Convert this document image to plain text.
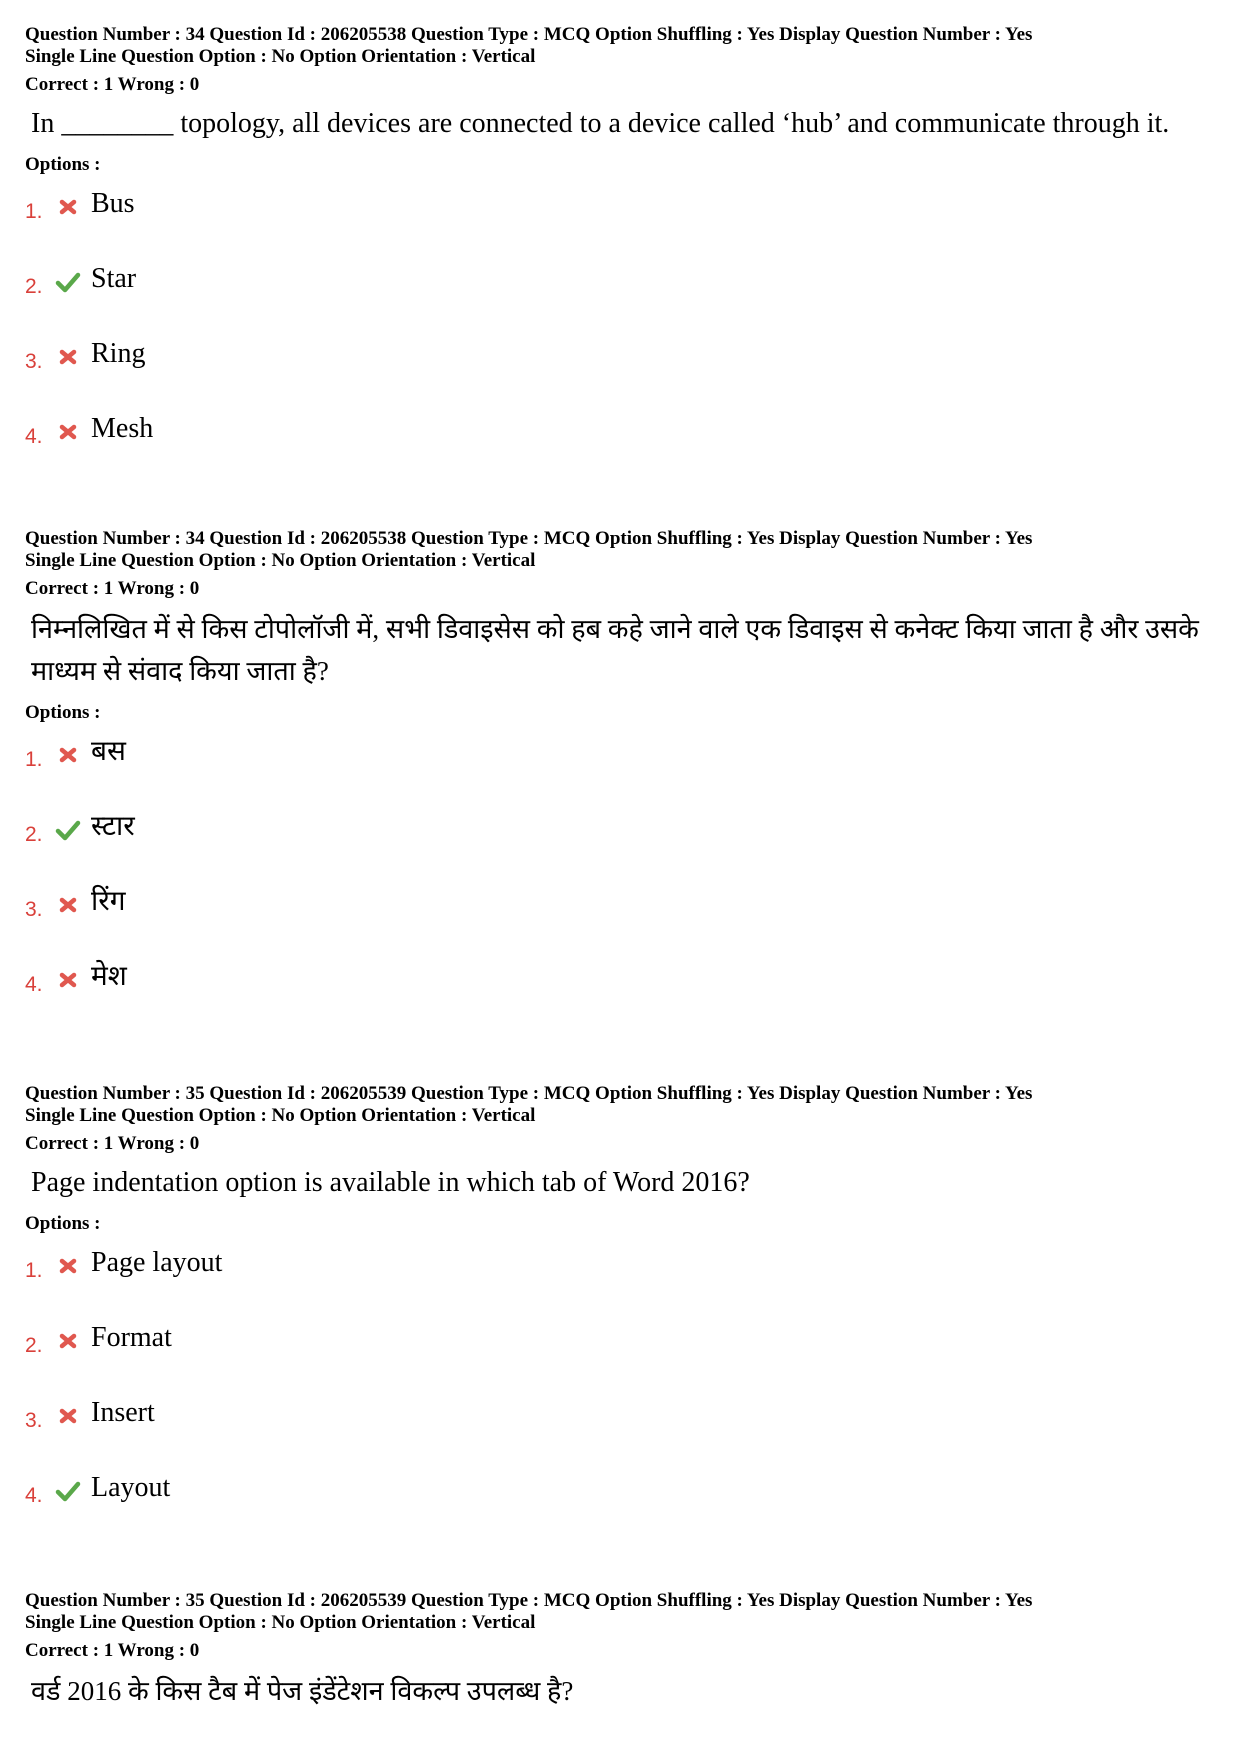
Question Number : 34 Question Id : 206205538 Question Type : MCQ Option Shuffling : Yes Display Question Number : Yes
Single Line Question Option : No Option Orientation : Vertical
Correct : 1 Wrong : 0
In ________ topology, all devices are connected to a device called ‘hub’ and communicate through it.
Options :
1. Bus
2. Star
3. Ring
4. Mesh
Question Number : 34 Question Id : 206205538 Question Type : MCQ Option Shuffling : Yes Display Question Number : Yes
Single Line Question Option : No Option Orientation : Vertical
Correct : 1 Wrong : 0
निम्नलिखित में से किस टोपोलॉजी में, सभी डिवाइसेस को हब कहे जाने वाले एक डिवाइस से कनेक्ट किया जाता है और उसके माध्यम से संवाद किया जाता है?
Options :
1. बस
2. स्टार
3. रिंग
4. मेश
Question Number : 35 Question Id : 206205539 Question Type : MCQ Option Shuffling : Yes Display Question Number : Yes
Single Line Question Option : No Option Orientation : Vertical
Correct : 1 Wrong : 0
Page indentation option is available in which tab of Word 2016?
Options :
1. Page layout
2. Format
3. Insert
4. Layout
Question Number : 35 Question Id : 206205539 Question Type : MCQ Option Shuffling : Yes Display Question Number : Yes
Single Line Question Option : No Option Orientation : Vertical
Correct : 1 Wrong : 0
वर्ड 2016 के किस टैब में पेज इंडेंटेशन विकल्प उपलब्ध है?
